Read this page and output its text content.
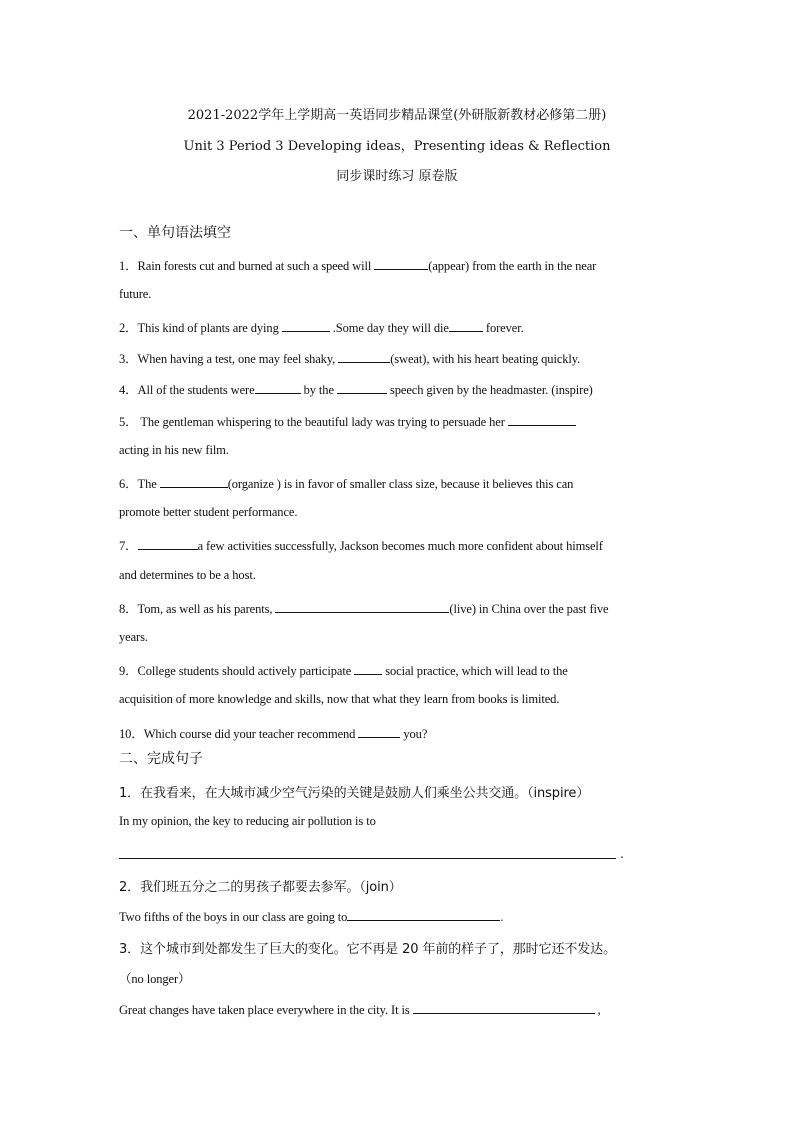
2021-2022学年上学期高一英语同步精品课堂(外研版新教材必修第二册)
Unit 3 Period 3 Developing ideas，Presenting ideas & Reflection
同步课时练习 原卷版
一、单句语法填空
1．Rain forests cut and burned at such a speed will	(appear) from the earth in the near
future.
2．This kind of plants are dying	.Some day they will die	forever.
3．When having a test, one may feel shaky,	(sweat), with his heart beating quickly.
4．All of the students were	by the	speech given by the headmaster. (inspire)
5． The gentleman whispering to the beautiful lady was trying to persuade her
acting in his new film.
6．The	(organize ) is in favor of smaller class size, because it believes this can
promote better student performance.
7．	a few activities successfully, Jackson becomes much more confident about himself
and determines to be a host.
8．Tom, as well as his parents,	(live) in China over the past five
years.
9．College students should actively participate  social practice, which will lead to the
acquisition of more knowledge and skills, now that what they learn from books is limited.
10．Which course did your teacher recommend	you?
二、完成句子
1．在我看来，在大城市减少空气污染的关键是鼓励人们乘坐公共交通。（inspire）
In my opinion, the key to reducing air pollution is to
.
2．我们班五分之二的男孩子都要去参军。（join）
Two fifths of the boys in our class are going to	.
3．这个城市到处都发生了巨大的变化。它不再是 20 年前的样子了，那时它还不发达。
（no longer）
Great changes have taken place everywhere in the city. It is	,
